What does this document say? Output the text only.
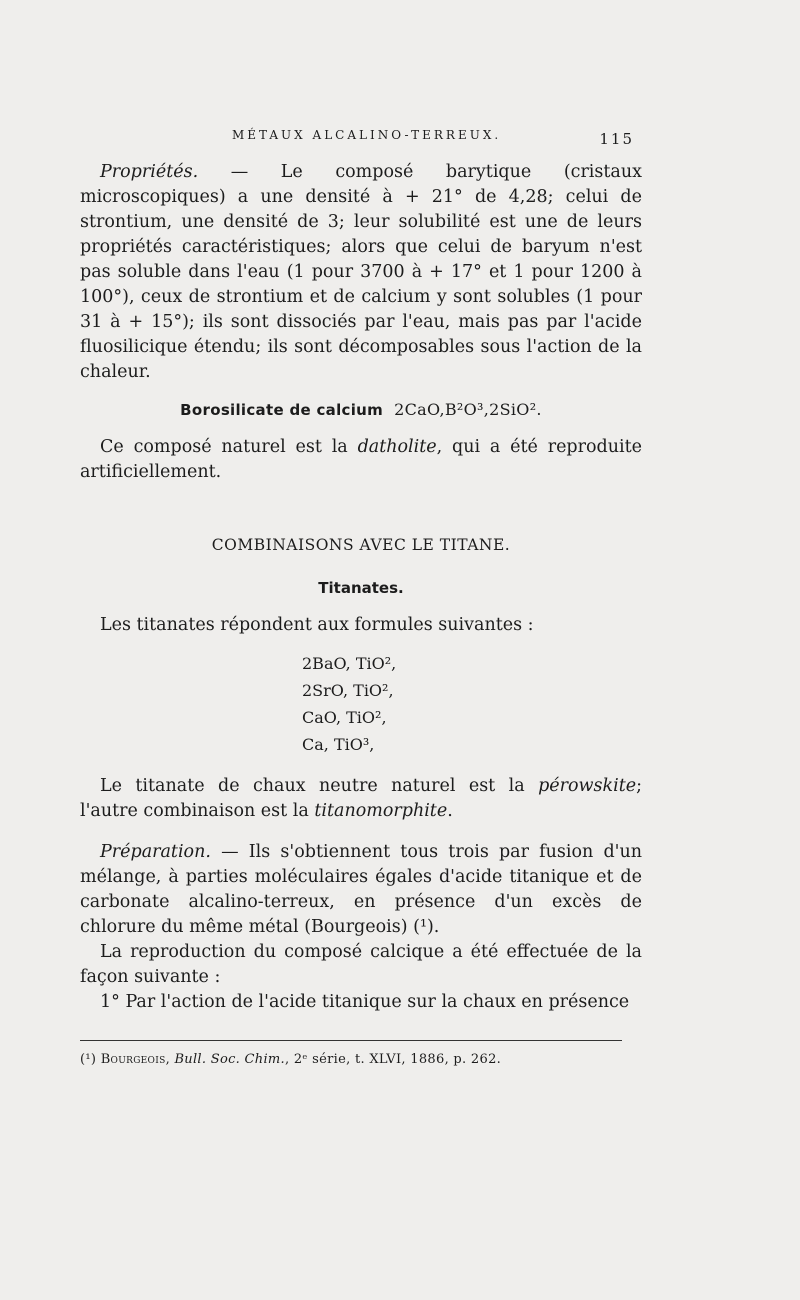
MÉTAUX ALCALINO-TERREUX.	115

Propriétés. — Le composé barytique (cristaux microscopiques) a une densité à + 21° de 4,28; celui de strontium, une densité de 3; leur solubilité est une de leurs propriétés caractéristiques; alors que celui de baryum n'est pas soluble dans l'eau (1 pour 3700 à + 17° et 1 pour 1200 à 100°), ceux de strontium et de calcium y sont solubles (1 pour 31 à + 15°); ils sont dissociés par l'eau, mais pas par l'acide fluosilicique étendu; ils sont décomposables sous l'action de la chaleur.

Borosilicate de calcium 2CaO,B²O³,2SiO².

Ce composé naturel est la datholite, qui a été reproduite artificiellement.

COMBINAISONS AVEC LE TITANE.
Titanates.

Les titanates répondent aux formules suivantes :

2BaO, TiO²,
2SrO, TiO²,
CaO, TiO²,
Ca, TiO³,

Le titanate de chaux neutre naturel est la pérowskite; l'autre combinaison est la titanomorphite.

Préparation. — Ils s'obtiennent tous trois par fusion d'un mélange, à parties moléculaires égales d'acide titanique et de carbonate alcalino-terreux, en présence d'un excès de chlorure du même métal (Bourgeois) (¹).

La reproduction du composé calcique a été effectuée de la façon suivante :

1° Par l'action de l'acide titanique sur la chaux en présence

(¹) Bourgeois, Bull. Soc. Chim., 2ᵉ série, t. XLVI, 1886, p. 262.
